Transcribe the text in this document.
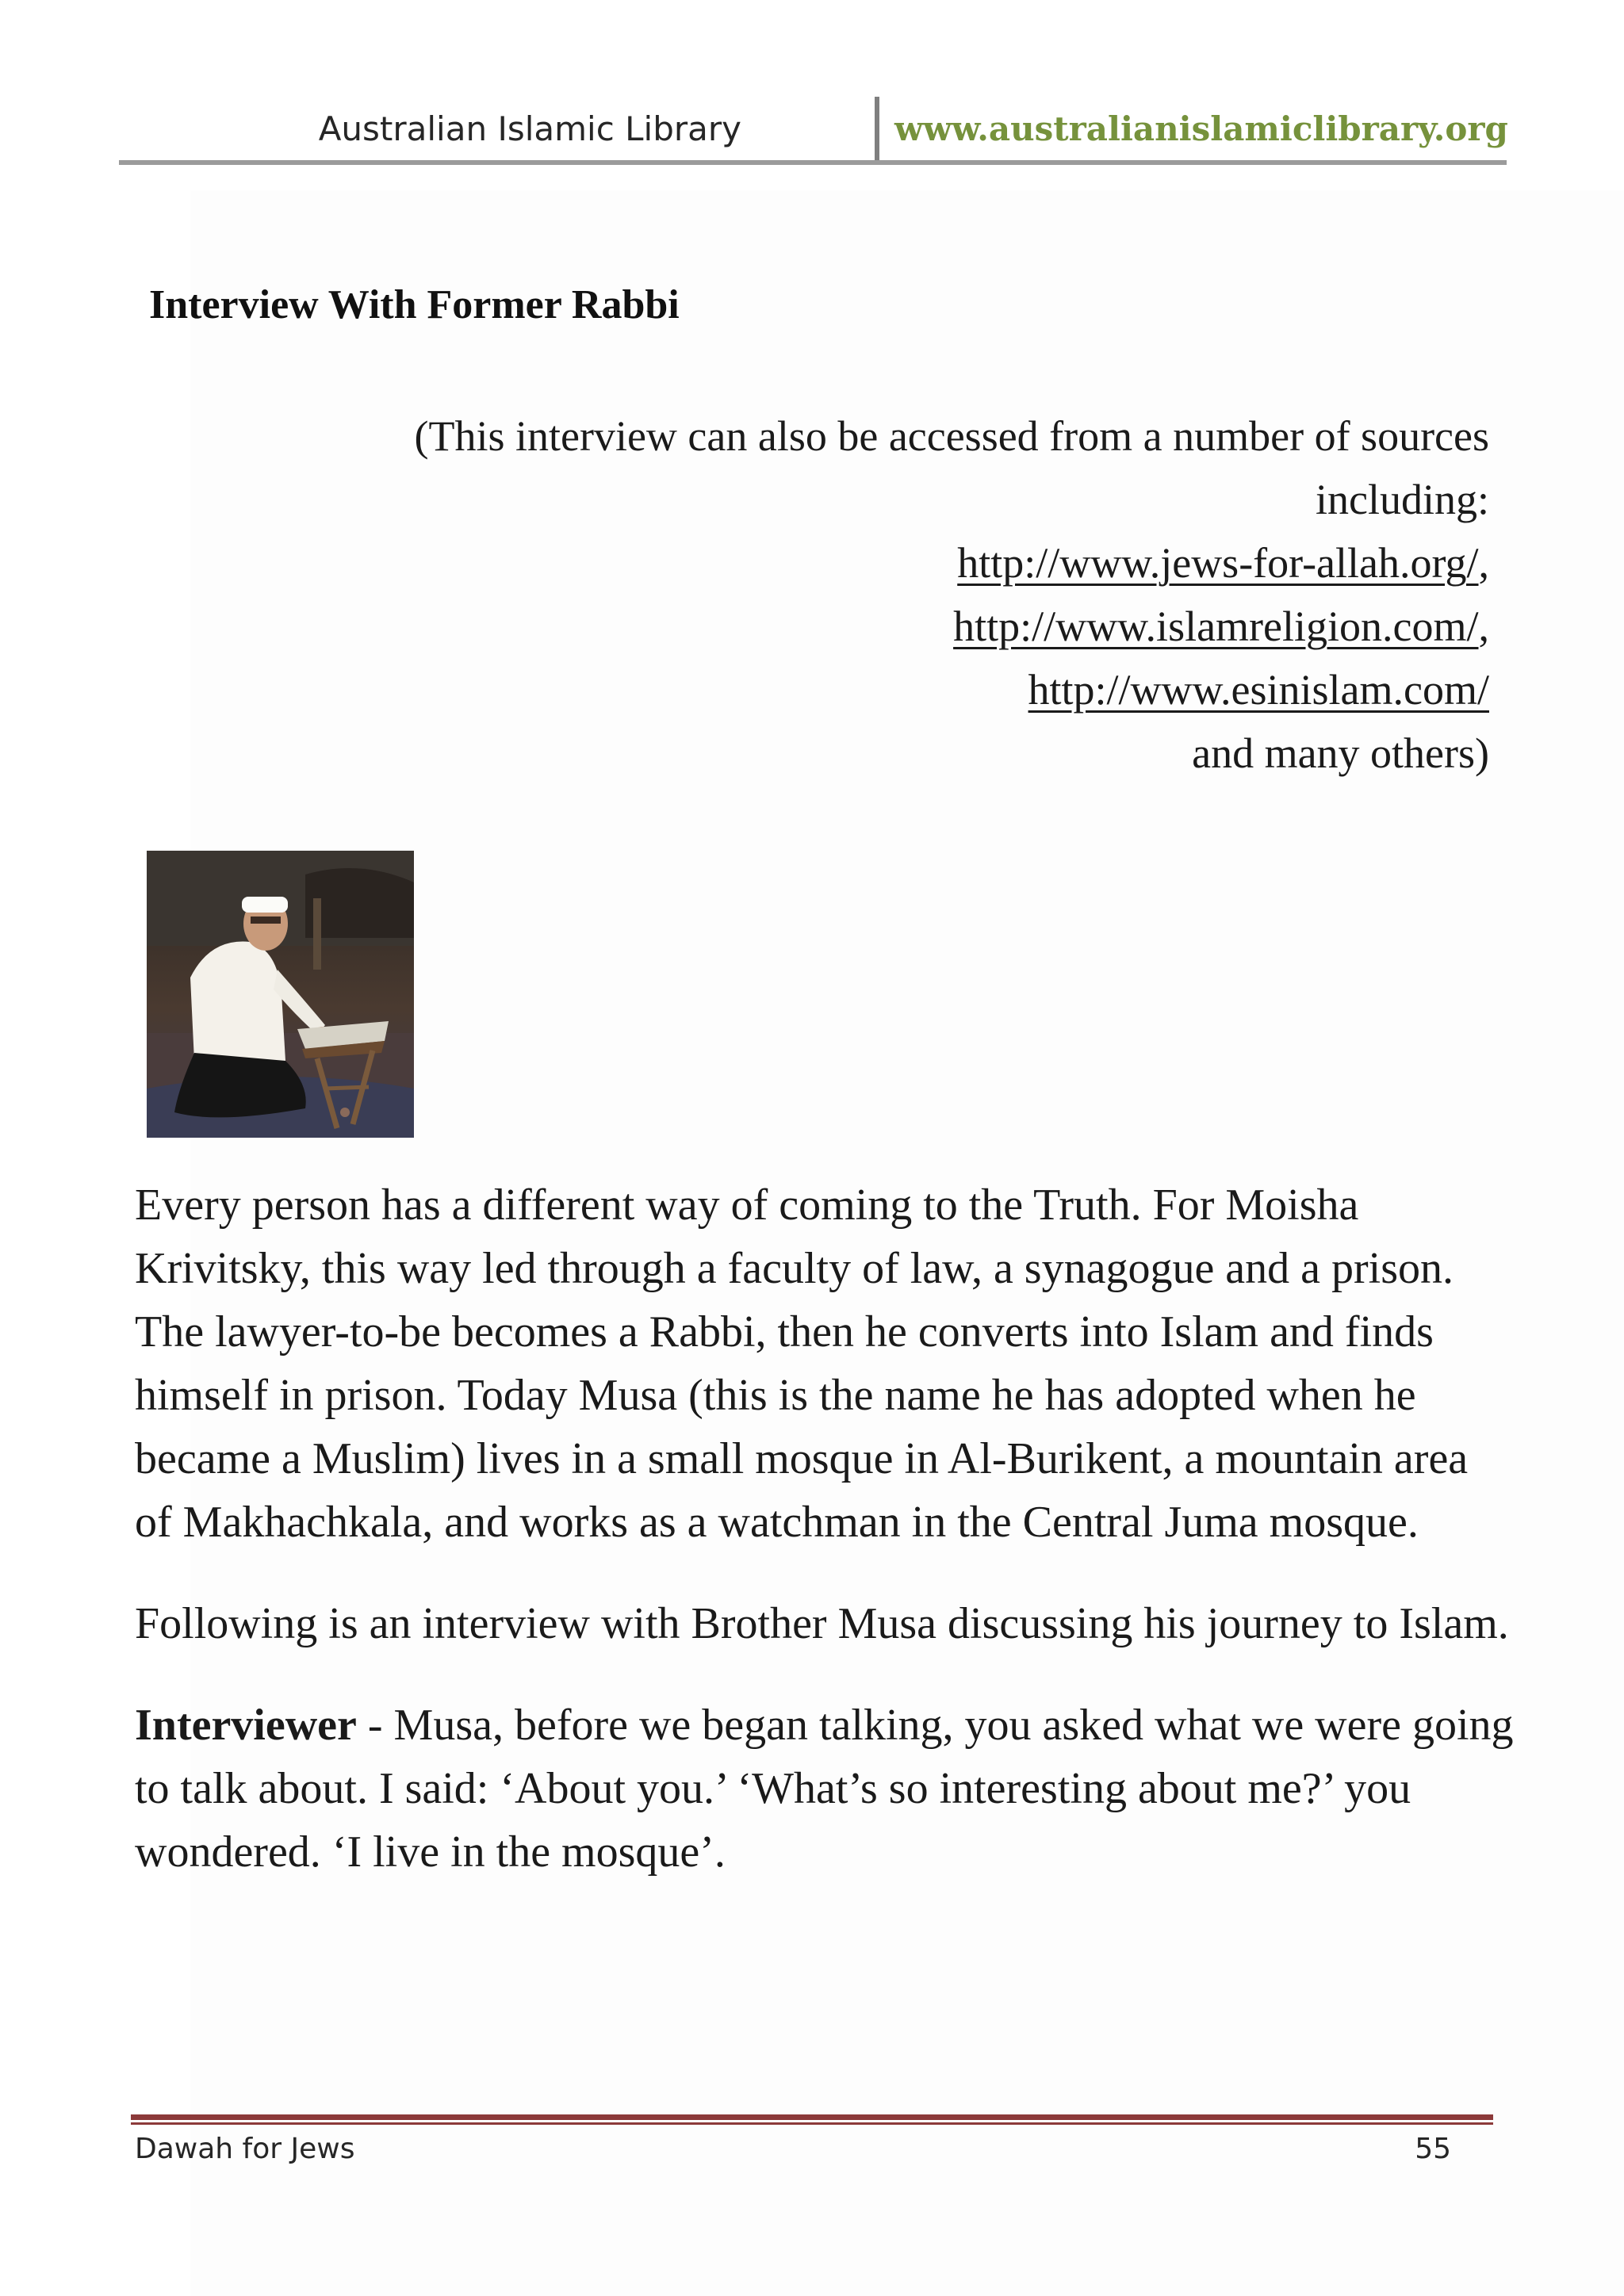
Australian Islamic Library	www.australianislamiclibrary.org
Interview With Former Rabbi
(This interview can also be accessed from a number of sources
including:
http://www.jews-for-allah.org/,
http://www.islamreligion.com/,
http://www.esinislam.com/
and many others)

Every person has a different way of coming to the Truth. For Moisha Krivitsky, this way led through a faculty of law, a synagogue and a prison. The lawyer-to-be becomes a Rabbi, then he converts into Islam and finds himself in prison. Today Musa (this is the name he has adopted when he became a Muslim) lives in a small mosque in Al-Burikent, a mountain area of Makhachkala, and works as a watchman in the Central Juma mosque.

Following is an interview with Brother Musa discussing his journey to Islam.

Interviewer - Musa, before we began talking, you asked what we were going to talk about. I said: ‘About you.’ ‘What’s so interesting about me?’ you wondered. ‘I live in the mosque’.

Dawah for Jews	55
